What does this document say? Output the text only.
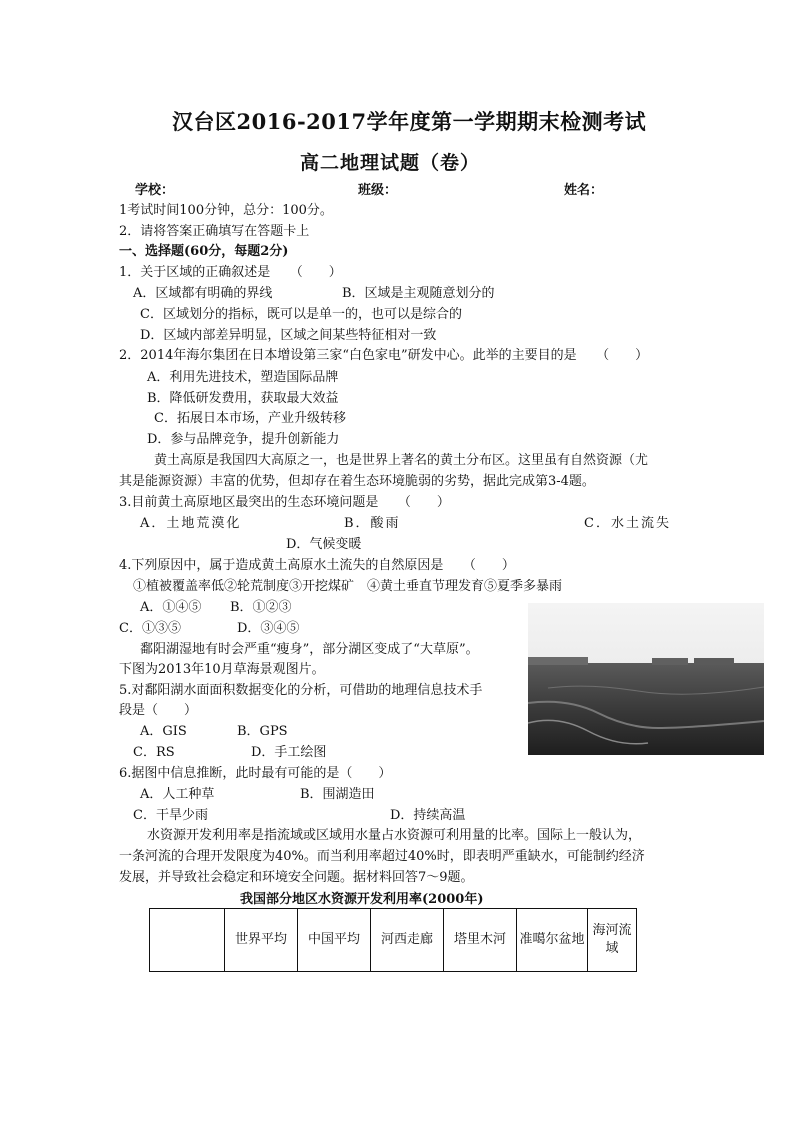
汉台区2016-2017学年度第一学期期末检测考试
高二地理试题（卷）
学校：	班级：	姓名：
1考试时间100分钟，总分：100分。
2．请将答案正确填写在答题卡上
一、选择题(60分，每题2分)
1．关于区域的正确叙述是　　（　　）
A．区域都有明确的界线	B．区域是主观随意划分的
C．区域划分的指标，既可以是单一的，也可以是综合的
D．区域内部差异明显，区域之间某些特征相对一致
2．2014年海尔集团在日本增设第三家“白色家电”研发中心。此举的主要目的是　　（　　）
A．利用先进技术，塑造国际品牌
B．降低研发费用，获取最大效益
C．拓展日本市场，产业升级转移
D．参与品牌竞争，提升创新能力
黄土高原是我国四大高原之一，也是世界上著名的黄土分布区。这里虽有自然资源（尤
其是能源资源）丰富的优势，但却存在着生态环境脆弱的劣势，据此完成第3-4题。
3.目前黄土高原地区最突出的生态环境问题是　　（　　）
A．土地荒漠化	B．酸雨	C．水土流失
D．气候变暖
4.下列原因中，属于造成黄土高原水土流失的自然原因是　　（　　）
①植被覆盖率低②轮荒制度③开挖煤矿　④黄土垂直节理发育⑤夏季多暴雨
A．①④⑤ B．①②③
C．①③⑤	D．③④⑤
鄱阳湖湿地有时会严重“瘦身”，部分湖区变成了“大草原”。
下图为2013年10月草海景观图片。
5.对鄱阳湖水面面积数据变化的分析，可借助的地理信息技术手
段是（　　）
A．GIS	B．GPS
C．RS	D．手工绘图
6.据图中信息推断，此时最有可能的是（　　）
A．人工种草	B．围湖造田
C．干旱少雨	D．持续高温
水资源开发利用率是指流域或区域用水量占水资源可利用量的比率。国际上一般认为，
一条河流的合理开发限度为40%。而当利用率超过40%时，即表明严重缺水，可能制约经济
发展，并导致社会稳定和环境安全问题。据材料回答7～9题。
我国部分地区水资源开发利用率(2000年)
	世界平均	中国平均	河西走廊	塔里木河	准噶尔盆地	海河流域
